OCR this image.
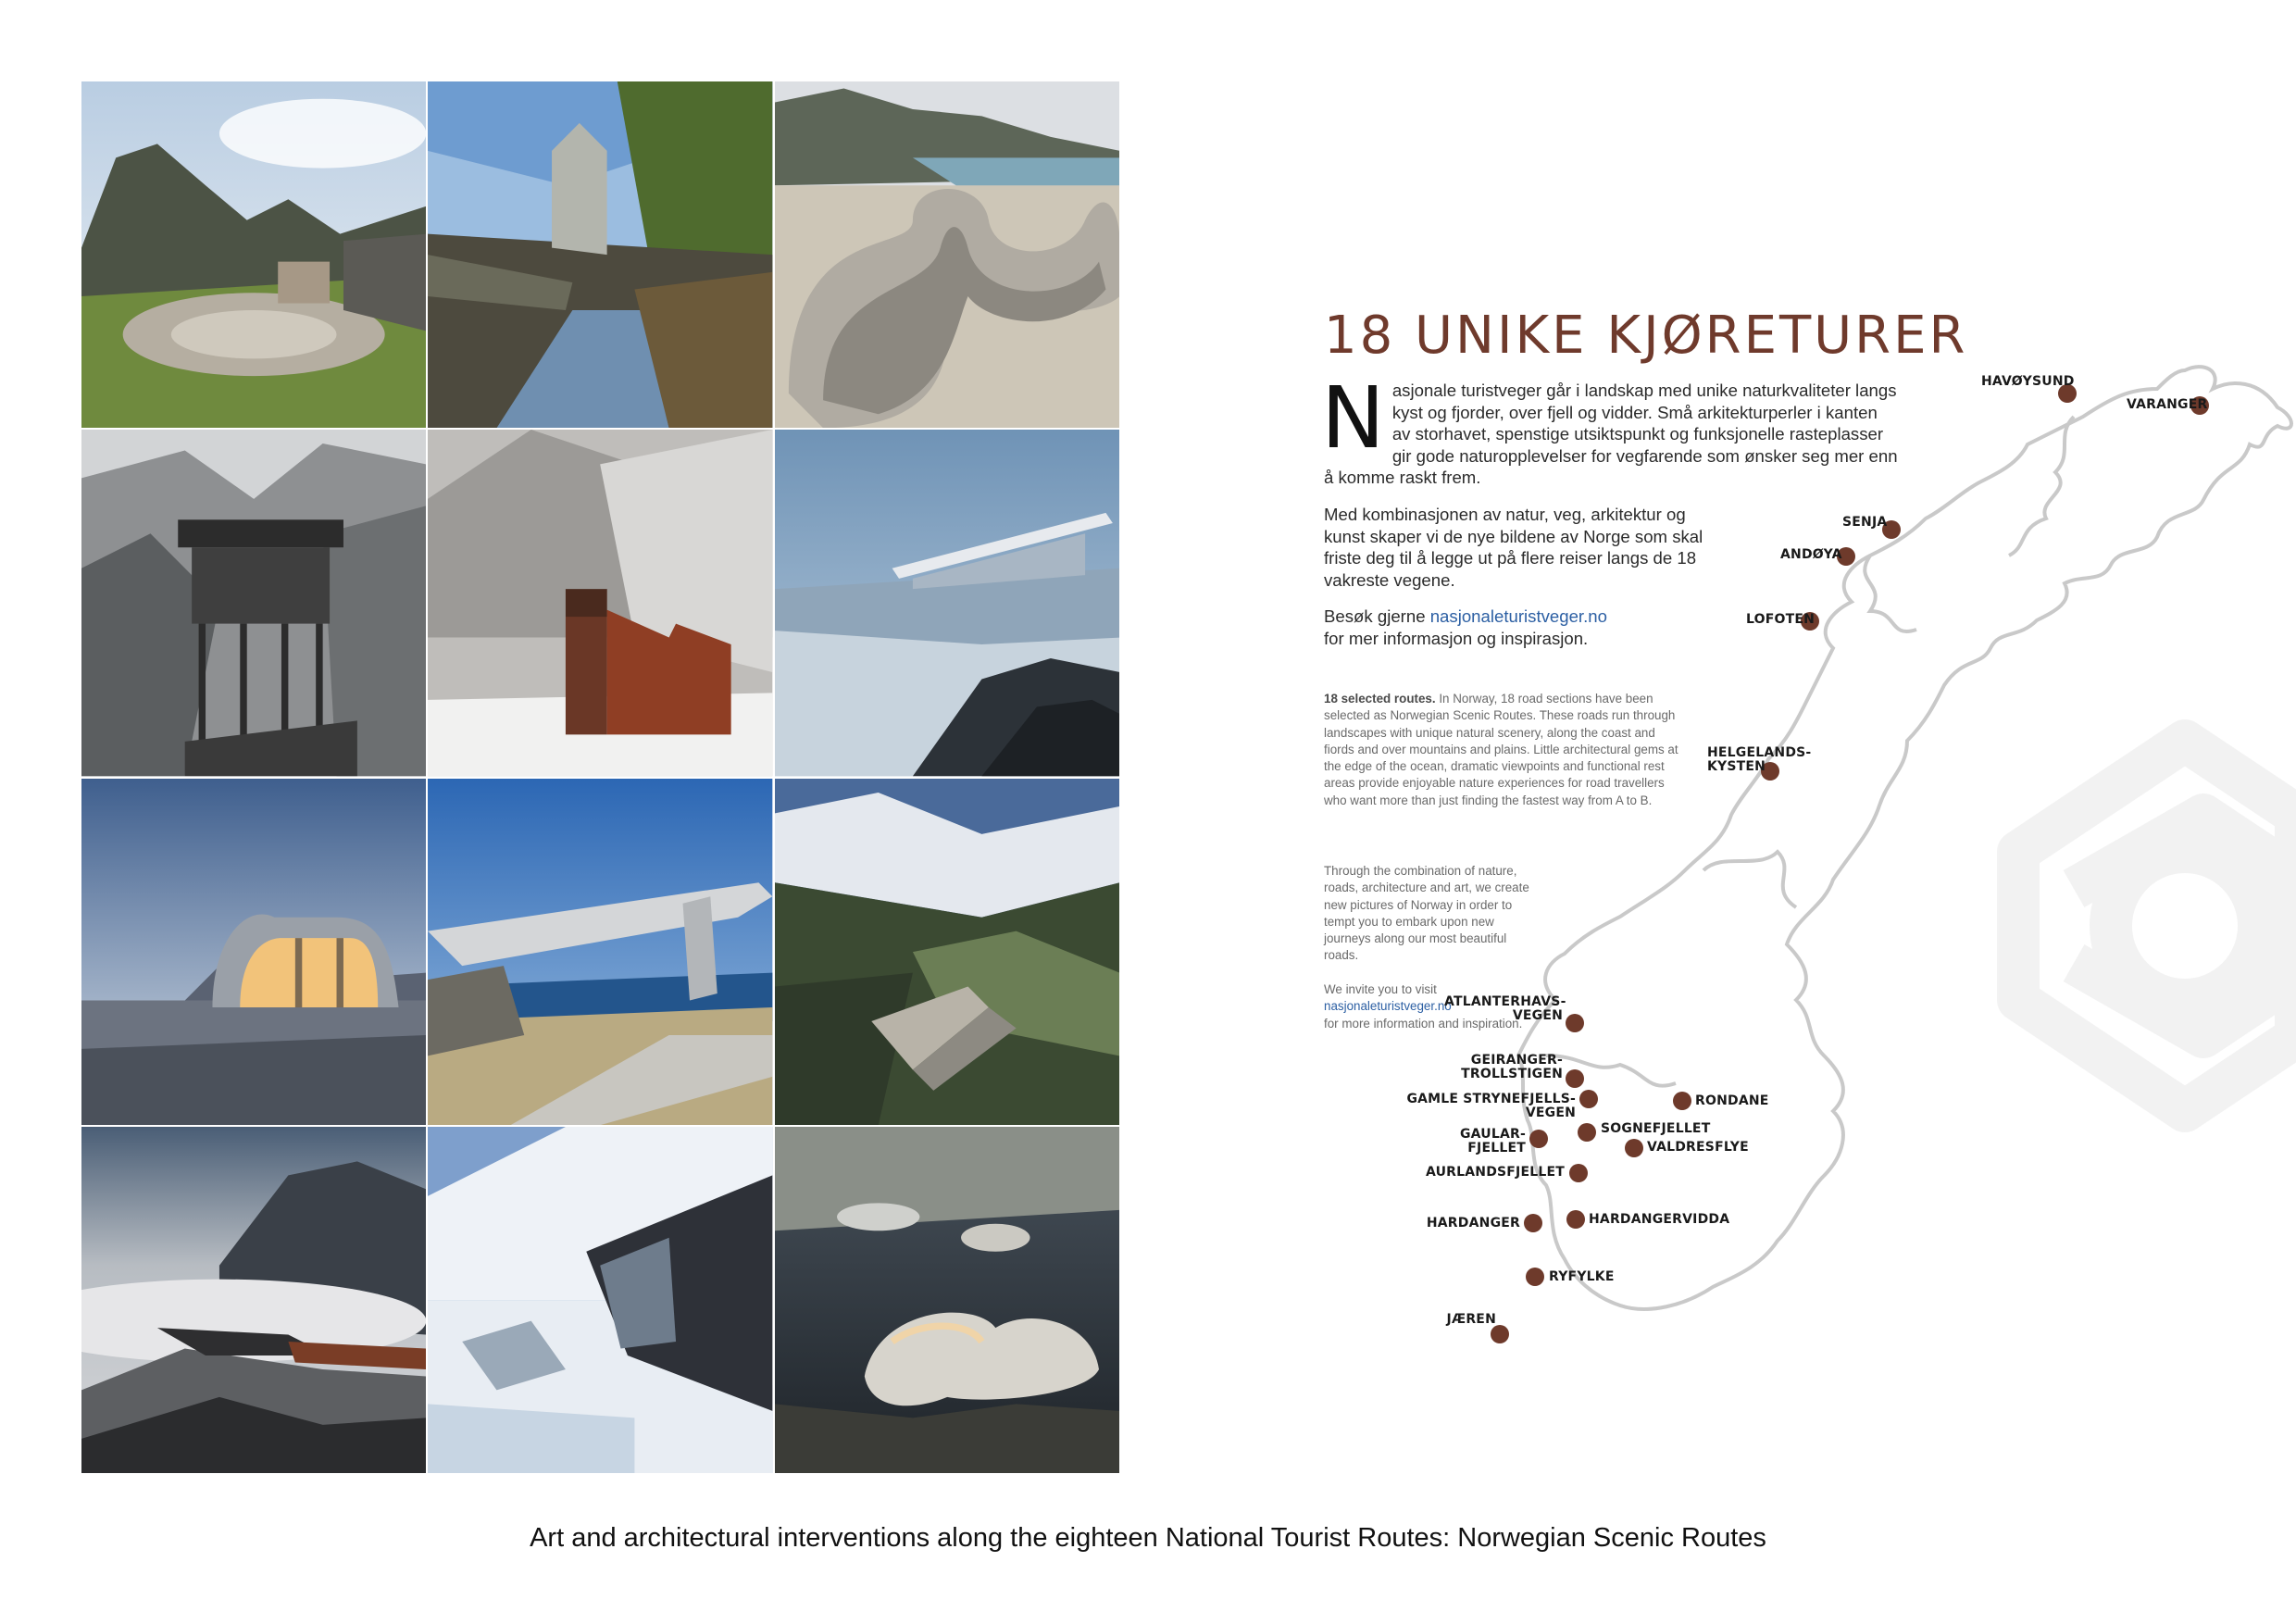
18 UNIKE KJØRETURER
Nasjonale turistveger går i landskap med unike naturkvaliteter langs kyst og fjorder, over fjell og vidder. Små arkitekturperler i kanten av storhavet, spenstige utsiktspunkt og funksjonelle rasteplasser gir gode naturopplevelser for vegfarende som ønsker seg mer enn å komme raskt frem.
Med kombinasjonen av natur, veg, arkitektur og kunst skaper vi de nye bildene av Norge som skal friste deg til å legge ut på flere reiser langs de 18 vakreste vegene.
Besøk gjerne nasjonaleturistveger.no
for mer informasjon og inspirasjon.
18 selected routes. In Norway, 18 road sections have been selected as Norwegian Scenic Routes. These roads run through landscapes with unique natural scenery, along the coast and fiords and over mountains and plains. Little architectural gems at the edge of the ocean, dramatic viewpoints and functional rest areas provide enjoyable nature experiences for road travellers who want more than just finding the fastest way from A to B.
Through the combination of nature, roads, architecture and art, we create new pictures of Norway in order to tempt you to embark upon new journeys along our most beautiful roads.
We invite you to visit
nasjonaleturistveger.no
for more information and inspiration.
HAVØYSUND
VARANGER
SENJA
ANDØYA
LOFOTEN
HELGELANDS-
KYSTEN
ATLANTERHAVS-
VEGEN
GEIRANGER-
TROLLSTIGEN
GAMLE STRYNEFJELLS-
VEGEN
RONDANE
SOGNEFJELLET
GAULAR-
FJELLET	VALDRESFLYE
AURLANDSFJELLET
HARDANGER	HARDANGERVIDDA
RYFYLKE
JÆREN

Art and architectural interventions along the eighteen National Tourist Routes: Norwegian Scenic Routes
